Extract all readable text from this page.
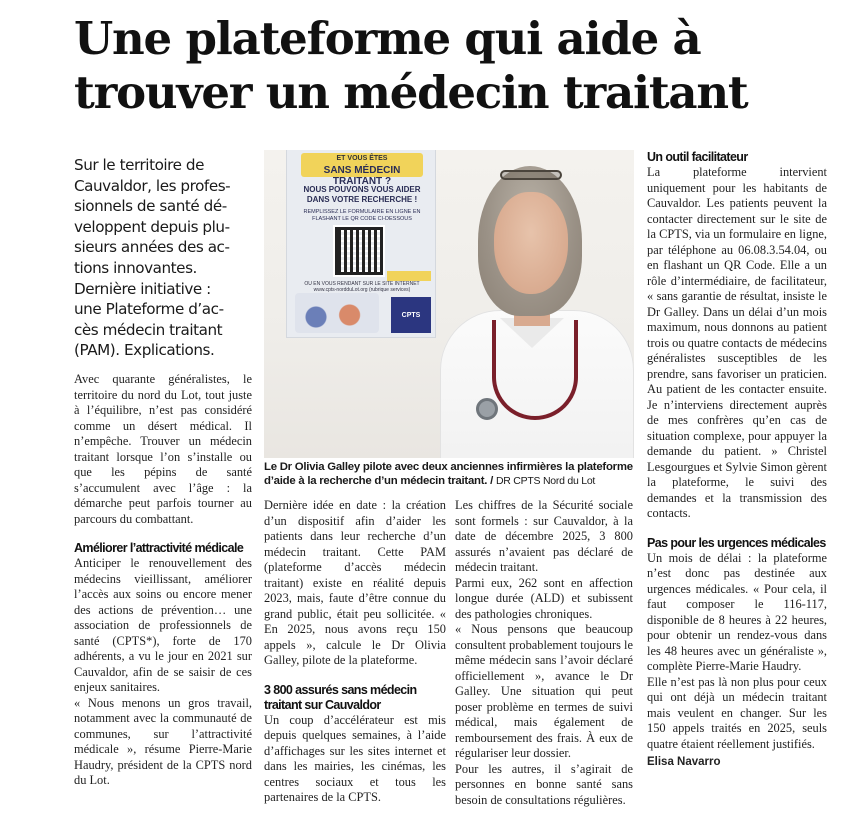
Une plateforme qui aide à
trouver un médecin traitant
Sur le territoire de
Cauvaldor, les profes-
sionnels de santé dé-
veloppent depuis plu-
sieurs années des ac-
tions innovantes.
Dernière initiative :
une Plateforme d’ac-
cès médecin traitant
(PAM). Explications.
ET VOUS ÊTES
SANS MÉDECIN TRAITANT ?
NOUS POUVONS VOUS AIDER DANS VOTRE RECHERCHE !
REMPLISSEZ LE FORMULAIRE EN LIGNE EN FLASHANT LE QR CODE CI-DESSOUS
OU EN VOUS RENDANT SUR LE SITE INTERNET www.cpts-nordduLot.org (rubrique services)
CPTS
Le Dr Olivia Galley pilote avec deux anciennes infirmières la plateforme d’aide à la recherche d’un médecin traitant. / DR CPTS Nord du Lot

Avec quarante généralistes, le territoire du nord du Lot, tout juste à l’équilibre, n’est pas considéré comme un désert médical. Il n’empêche. Trouver un médecin traitant lorsque l’on s’installe ou que les pépins de santé s’accumulent avec l’âge : la démarche peut parfois tourner au parcours du combattant.

Améliorer l’attractivité médicale

Anticiper le renouvellement des médecins vieillissant, améliorer l’accès aux soins ou encore mener des actions de prévention… une association de professionnels de santé (CPTS*), forte de 170 adhérents, a vu le jour en 2021 sur Cauvaldor, afin de se saisir de ces enjeux sanitaires.

« Nous menons un gros travail, notamment avec la communauté de communes, sur l’attractivité médicale », résume Pierre-Marie Haudry, président de la CPTS nord du Lot.

Dernière idée en date : la création d’un dispositif afin d’aider les patients dans leur recherche d’un médecin traitant. Cette PAM (plateforme d’accès médecin traitant) existe en réalité depuis 2023, mais, faute d’être connue du grand public, était peu sollicitée. « En 2025, nous avons reçu 150 appels », calcule le Dr Olivia Galley, pilote de la plateforme.

3 800 assurés sans médecin traitant sur Cauvaldor

Un coup d’accélérateur est mis depuis quelques semaines, à l’aide d’affichages sur les sites internet et dans les mairies, les cinémas, les centres sociaux et tous les partenaires de la CPTS.

Les chiffres de la Sécurité sociale sont formels : sur Cauvaldor, à la date de décembre 2025, 3 800 assurés n’avaient pas déclaré de médecin traitant.

Parmi eux, 262 sont en affection longue durée (ALD) et subissent des pathologies chroniques.

« Nous pensons que beaucoup consultent probablement toujours le même médecin sans l’avoir déclaré officiellement », avance le Dr Galley. Une situation qui peut poser problème en termes de suivi médical, mais également de remboursement des frais. À eux de régulariser leur dossier.

Pour les autres, il s’agirait de personnes en bonne santé sans besoin de consultations régulières.

Un outil facilitateur

La plateforme intervient uniquement pour les habitants de Cauvaldor. Les patients peuvent la contacter directement sur le site de la CPTS, via un formulaire en ligne, par téléphone au 06.08.3.54.04, ou en flashant un QR Code. Elle a un rôle d’intermédiaire, de facilitateur, « sans garantie de résultat, insiste le Dr Galley. Dans un délai d’un mois maximum, nous donnons au patient trois ou quatre contacts de médecins généralistes susceptibles de les prendre, sans favoriser un praticien. Au patient de les contacter ensuite. Je n’interviens directement auprès de mes confrères qu’en cas de situation complexe, pour appuyer la demande du patient. » Christel Lesgourgues et Sylvie Simon gèrent la plateforme, le suivi des demandes et la transmission des contacts.

Pas pour les urgences médicales

Un mois de délai : la plateforme n’est donc pas destinée aux urgences médicales. « Pour cela, il faut composer le 116-117, disponible de 8 heures à 22 heures, pour obtenir un rendez-vous dans les 48 heures avec un généraliste », complète Pierre-Marie Haudry.

Elle n’est pas là non plus pour ceux qui ont déjà un médecin traitant mais veulent en changer. Sur les 150 appels traités en 2025, seuls quatre étaient réellement justifiés.

Elisa Navarro
